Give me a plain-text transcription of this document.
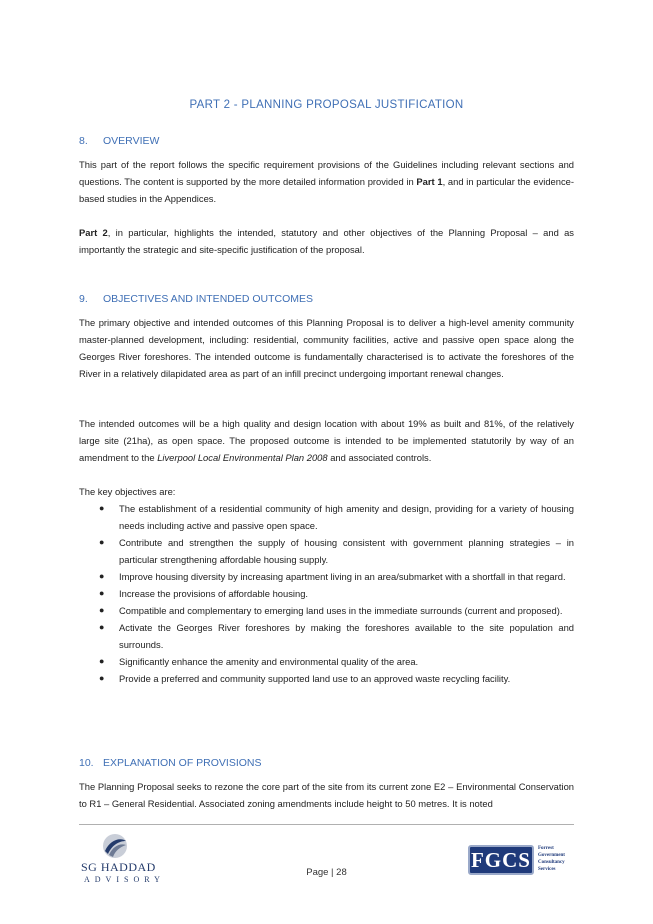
PART 2 - PLANNING PROPOSAL JUSTIFICATION
8. OVERVIEW

This part of the report follows the specific requirement provisions of the Guidelines including relevant sections and questions. The content is supported by the more detailed information provided in Part 1, and in particular the evidence-based studies in the Appendices.

Part 2, in particular, highlights the intended, statutory and other objectives of the Planning Proposal – and as importantly the strategic and site-specific justification of the proposal.

9. OBJECTIVES AND INTENDED OUTCOMES

The primary objective and intended outcomes of this Planning Proposal is to deliver a high-level amenity community master-planned development, including: residential, community facilities, active and passive open space along the Georges River foreshores. The intended outcome is fundamentally characterised is to activate the foreshores of the River in a relatively dilapidated area as part of an infill precinct undergoing important renewal changes.

The intended outcomes will be a high quality and design location with about 19% as built and 81%, of the relatively large site (21ha), as open space. The proposed outcome is intended to be implemented statutorily by way of an amendment to the Liverpool Local Environmental Plan 2008 and associated controls.

The key objectives are:

● The establishment of a residential community of high amenity and design, providing for a variety of housing needs including active and passive open space.
● Contribute and strengthen the supply of housing consistent with government planning strategies – in particular strengthening affordable housing supply.
● Improve housing diversity by increasing apartment living in an area/submarket with a shortfall in that regard.
● Increase the provisions of affordable housing.
● Compatible and complementary to emerging land uses in the immediate surrounds (current and proposed).
● Activate the Georges River foreshores by making the foreshores available to the site population and surrounds.
● Significantly enhance the amenity and environmental quality of the area.
● Provide a preferred and community supported land use to an approved waste recycling facility.
10. EXPLANATION OF PROVISIONS

The Planning Proposal seeks to rezone the core part of the site from its current zone E2 – Environmental Conservation to R1 – General Residential. Associated zoning amendments include height to 50 metres. It is noted

SG HADDAD
ADVISORY
Page | 28
FGCS	Forrest
Government
Consultancy
Services
